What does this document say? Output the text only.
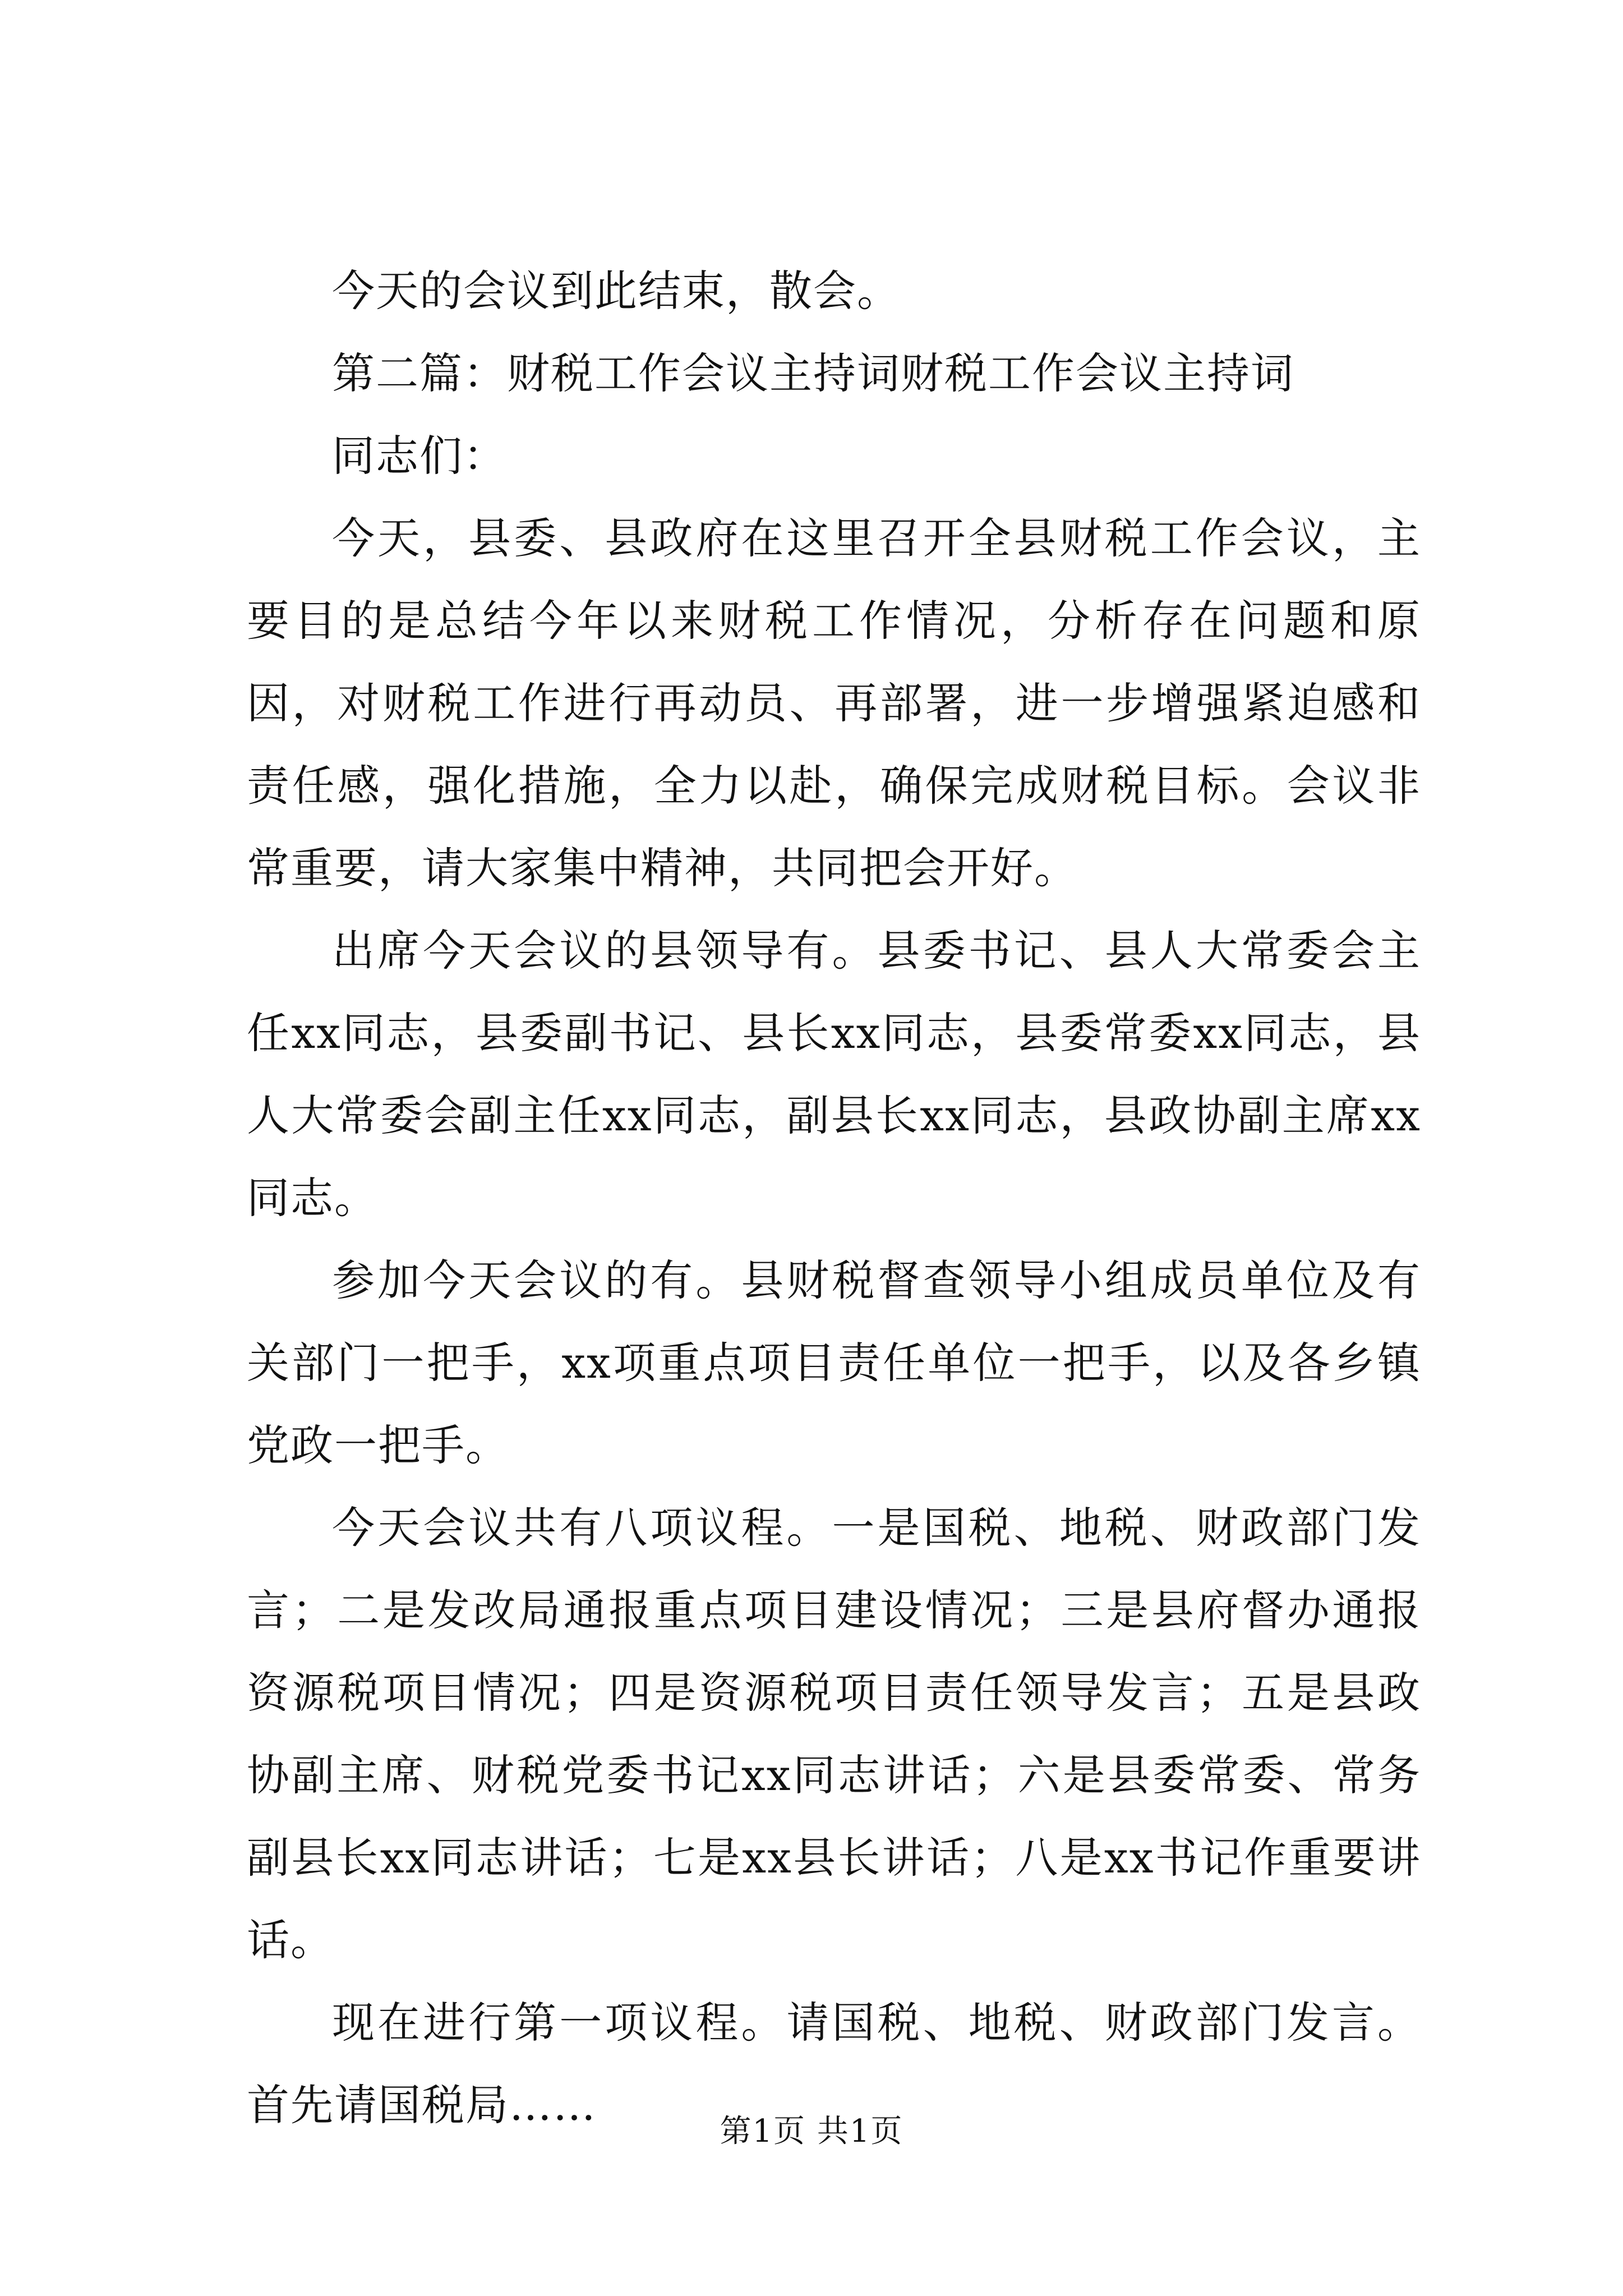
今天的会议到此结束，散会。

第二篇：财税工作会议主持词财税工作会议主持词

同志们：

今天，县委、县政府在这里召开全县财税工作会议，主要目的是总结今年以来财税工作情况，分析存在问题和原因，对财税工作进行再动员、再部署，进一步增强紧迫感和责任感，强化措施，全力以赴，确保完成财税目标。会议非常重要，请大家集中精神，共同把会开好。

出席今天会议的县领导有。县委书记、县人大常委会主任xx同志，县委副书记、县长xx同志，县委常委xx同志，县人大常委会副主任xx同志，副县长xx同志，县政协副主席xx同志。

参加今天会议的有。县财税督查领导小组成员单位及有关部门一把手，xx项重点项目责任单位一把手，以及各乡镇党政一把手。

今天会议共有八项议程。一是国税、地税、财政部门发言；二是发改局通报重点项目建设情况；三是县府督办通报资源税项目情况；四是资源税项目责任领导发言；五是县政协副主席、财税党委书记xx同志讲话；六是县委常委、常务副县长xx同志讲话；七是xx县长讲话；八是xx书记作重要讲话。

现在进行第一项议程。请国税、地税、财政部门发言。首先请国税局……

第1页 共1页
